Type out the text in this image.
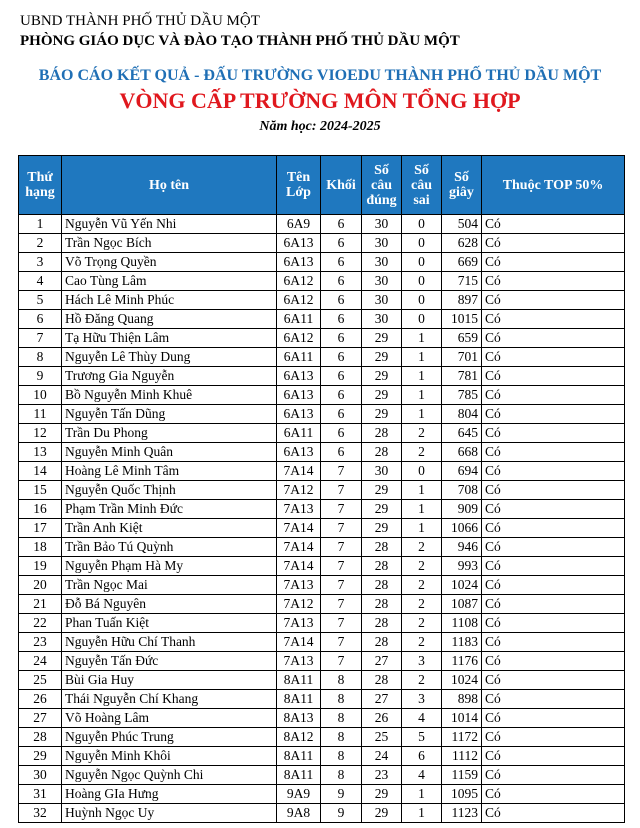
UBND THÀNH PHỐ THỦ DẦU MỘT
PHÒNG GIÁO DỤC VÀ ĐÀO TẠO THÀNH PHỐ THỦ DẦU MỘT
BÁO CÁO KẾT QUẢ - ĐẤU TRƯỜNG VIOEDU THÀNH PHỐ THỦ DẦU MỘT
VÒNG CẤP TRƯỜNG MÔN TỔNG HỢP
Năm học: 2024-2025
Thứ hạng	Họ tên	Tên Lớp	Khối	Số câu đúng	Số câu sai	Số giây	Thuộc TOP 50%
1	Nguyễn Vũ Yến Nhi	6A9	6	30	0	504	Có
2	Trần Ngọc Bích	6A13	6	30	0	628	Có
3	Võ Trọng Quyền	6A13	6	30	0	669	Có
4	Cao Tùng Lâm	6A12	6	30	0	715	Có
5	Hách Lê Minh Phúc	6A12	6	30	0	897	Có
6	Hồ Đăng Quang	6A11	6	30	0	1015	Có
7	Tạ Hữu Thiện Lâm	6A12	6	29	1	659	Có
8	Nguyễn Lê Thùy Dung	6A11	6	29	1	701	Có
9	Trương Gia Nguyễn	6A13	6	29	1	781	Có
10	Bồ Nguyễn Minh Khuê	6A13	6	29	1	785	Có
11	Nguyễn Tấn Dũng	6A13	6	29	1	804	Có
12	Trần Du Phong	6A11	6	28	2	645	Có
13	Nguyễn Minh Quân	6A13	6	28	2	668	Có
14	Hoàng Lê Minh Tâm	7A14	7	30	0	694	Có
15	Nguyễn Quốc Thịnh	7A12	7	29	1	708	Có
16	Phạm Trần Minh Đức	7A13	7	29	1	909	Có
17	Trần Anh Kiệt	7A14	7	29	1	1066	Có
18	Trần Bảo Tú Quỳnh	7A14	7	28	2	946	Có
19	Nguyễn Phạm Hà My	7A14	7	28	2	993	Có
20	Trần Ngọc Mai	7A13	7	28	2	1024	Có
21	Đỗ Bá Nguyên	7A12	7	28	2	1087	Có
22	Phan Tuấn Kiệt	7A13	7	28	2	1108	Có
23	Nguyễn Hữu Chí Thanh	7A14	7	28	2	1183	Có
24	Nguyễn Tấn Đức	7A13	7	27	3	1176	Có
25	Bùi Gia Huy	8A11	8	28	2	1024	Có
26	Thái Nguyễn Chí Khang	8A11	8	27	3	898	Có
27	Võ Hoàng Lâm	8A13	8	26	4	1014	Có
28	Nguyễn Phúc Trung	8A12	8	25	5	1172	Có
29	Nguyễn Minh Khôi	8A11	8	24	6	1112	Có
30	Nguyễn Ngọc Quỳnh Chi	8A11	8	23	4	1159	Có
31	Hoàng GIa Hưng	9A9	9	29	1	1095	Có
32	Huỳnh Ngọc Uy	9A8	9	29	1	1123	Có
